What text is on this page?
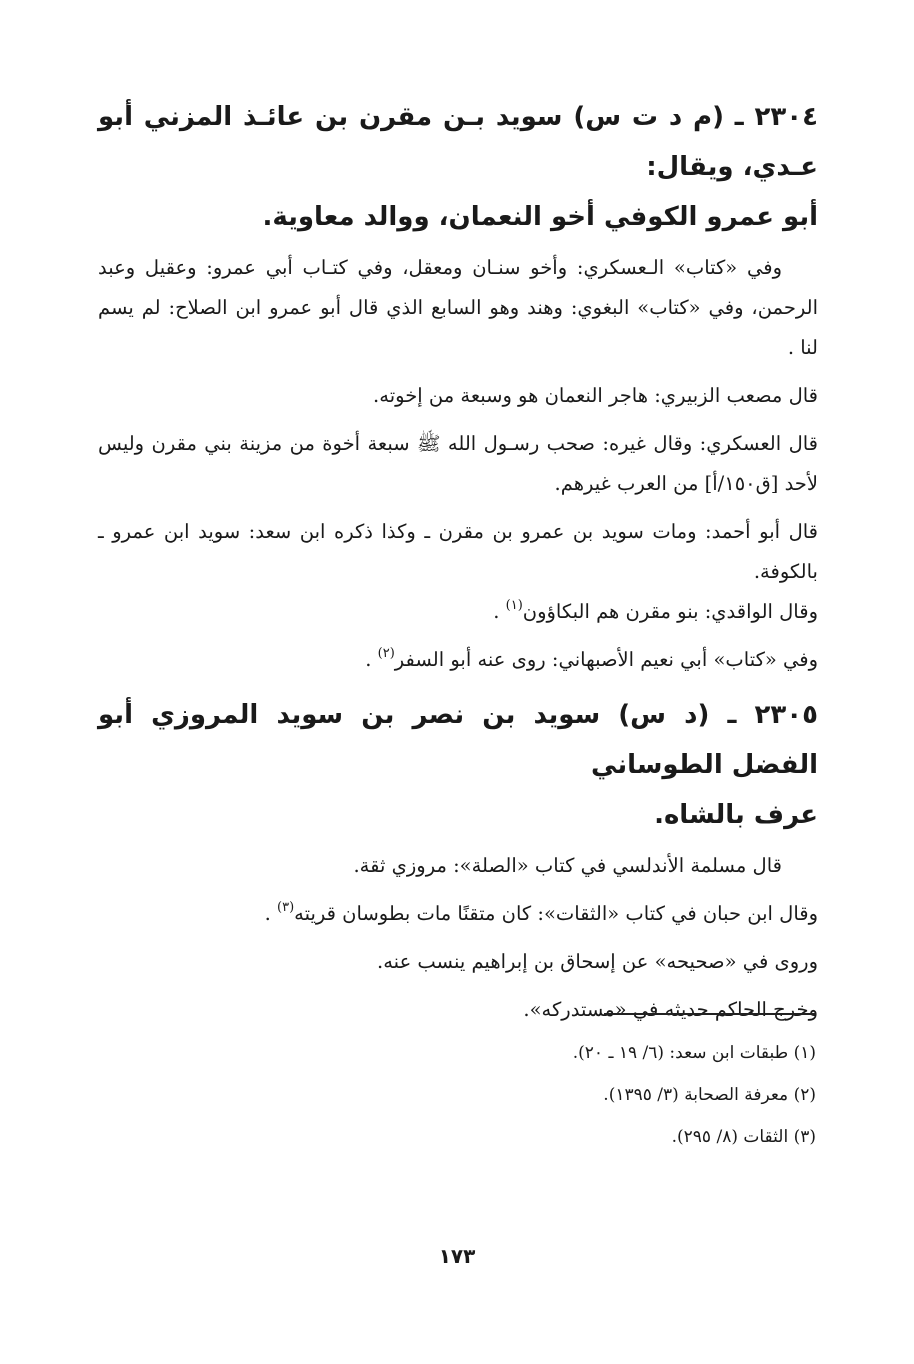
٢٣٠٤ ـ (م د ت س) سويد بـن مقرن بن عائـذ المزني أبو عـدي، ويقال:
أبو عمرو الكوفي أخو النعمان، ووالد معاوية.

وفي «كتاب» الـعسكري: وأخو سنـان ومعقل، وفي كتـاب أبي عمرو: وعقيل وعبد الرحمن، وفي «كتاب» البغوي: وهند وهو السابع الذي قال أبو عمرو ابن الصلاح: لم يسم لنا .

قال مصعب الزبيري: هاجر النعمان هو وسبعة من إخوته.

قال العسكري: وقال غيره: صحب رسـول الله ﷺ سبعة أخوة من مزينة بني مقرن وليس لأحد [ق١٥٠/أ] من العرب غيرهم.

قال أبو أحمد: ومات سويد بن عمرو بن مقرن ـ وكذا ذكره ابن سعد: سويد ابن عمرو ـ بالكوفة.

وقال الواقدي: بنو مقرن هم البكاؤون$^{(١)}$ .

وفي «كتاب» أبي نعيم الأصبهاني: روى عنه أبو السفر$^{(٢)}$ .

٢٣٠٥ ـ (د س) سويد بن نصر بن سويد المروزي أبو الفضل الطوساني
عرف بالشاه.

قال مسلمة الأندلسي في كتاب «الصلة»: مروزي ثقة.

وقال ابن حبان في كتاب «الثقات»: كان متقنًا مات بطوسان قريته$^{(٣)}$ .

وروى في «صحيحه» عن إسحاق بن إبراهيم ينسب عنه.

وخرج الحاكم حديثه في «مستدركه».

(١) طبقات ابن سعد: (٦/ ١٩ ـ ٢٠).
(٢) معرفة الصحابة (٣/ ١٣٩٥).
(٣) الثقات (٨/ ٢٩٥).
١٧٣
